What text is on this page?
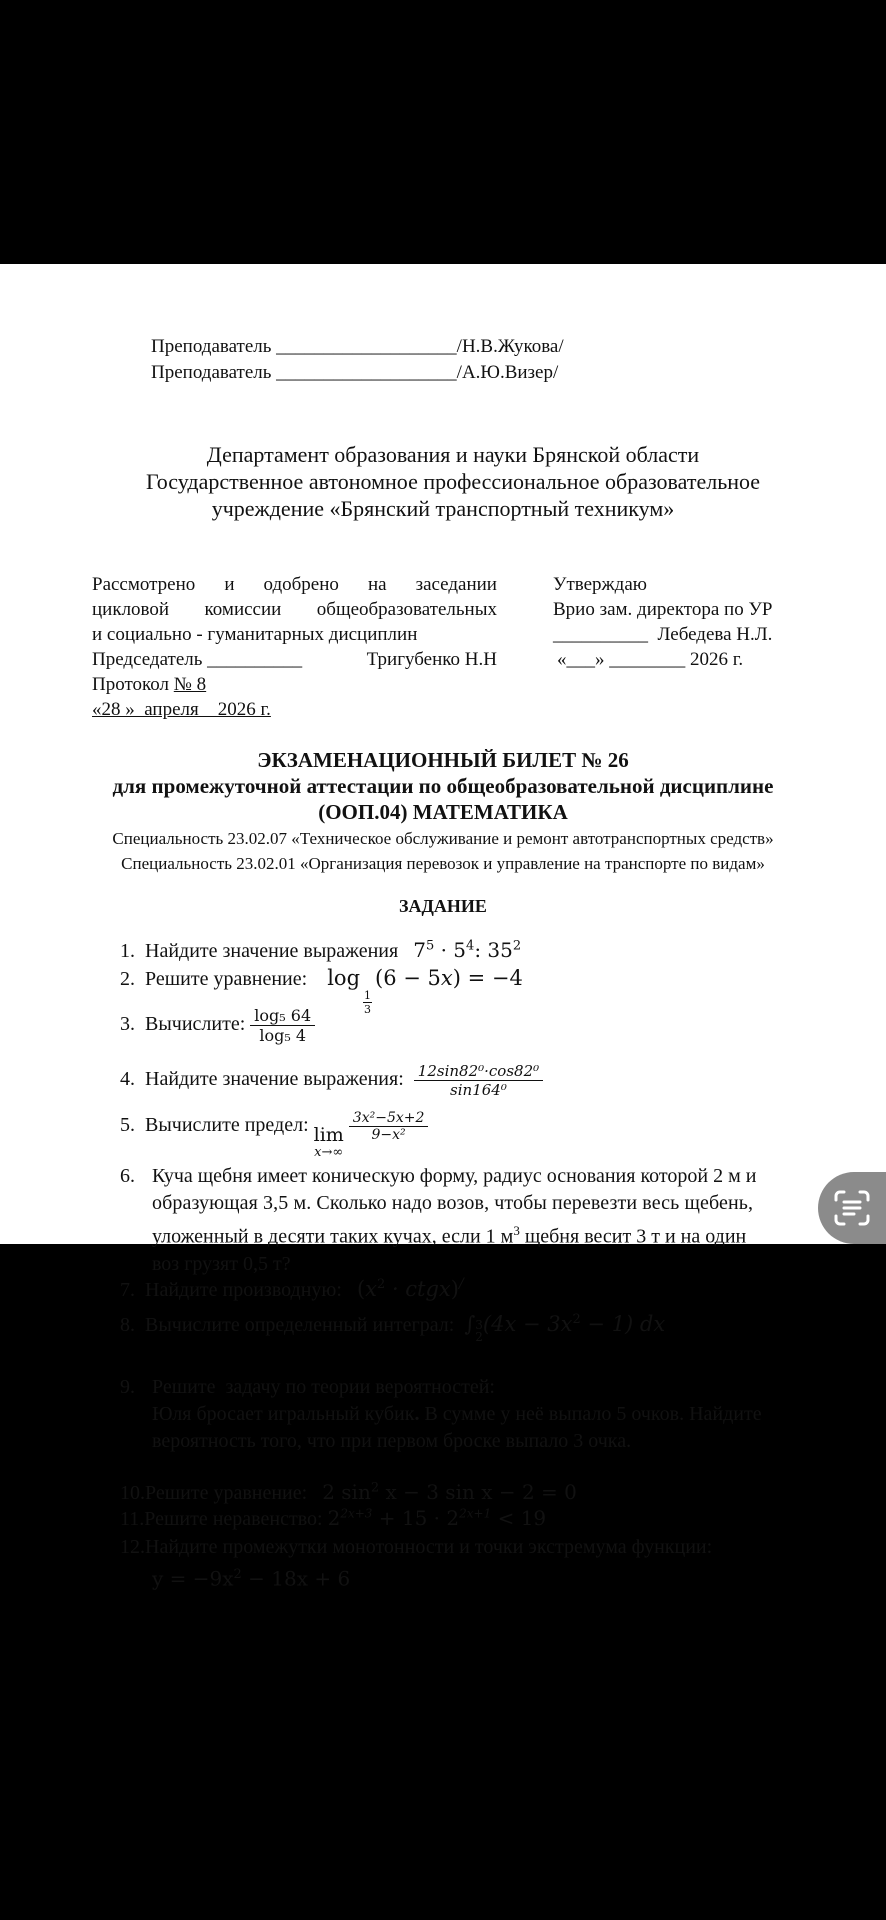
Преподаватель ___________________/Н.В.Жукова/
Преподаватель ___________________/А.Ю.Визер/
Департамент образования и науки Брянской области
Государственное автономное профессиональное образовательное
учреждение «Брянский транспортный техникум»
Рассмотрено и одобрено на заседании
цикловой комиссии общеобразовательных
и социально - гуманитарных дисциплин
Председатель __________	Тригубенко Н.Н
Протокол № 8
«28 »  апреля    2026 г.
Утверждаю
Врио зам. директора по УР
__________  Лебедева Н.Л.
«___» ________ 2026 г.
ЭКЗАМЕНАЦИОННЫЙ БИЛЕТ № 26
для промежуточной аттестации по общеобразовательной дисциплине
(ООП.04) МАТЕМАТИКА
Специальность 23.02.07 «Техническое обслуживание и ремонт автотранспортных средств»
Специальность 23.02.01 «Организация перевозок и управление на транспорте по видам»
ЗАДАНИЕ
1. Найдите значение выражения $7^5 \cdot 5^4$: $35^2$
2. Решите уравнение: log
$\frac{1}{3}$
(6 − 5x) = −4
3. Вычислите: $\frac{\text{log₅ 64}}{\text{log₅ 4}}$
4. Найдите значение выражения: $\frac{\text{12sin82⁰·cos82⁰}}{\text{sin164⁰}}$
5. Вычислите предел: lim
x→∞

$\frac{\text{3x²−5x+2}}{\text{9−x²}}$
6. Куча щебня имеет коническую форму, радиус основания которой 2 м и
образующая 3,5 м. Сколько надо возов, чтобы перевезти весь щебень,
уложенный в десяти таких кучах, если 1 $м^3$ щебня весит 3 т и на один
воз грузят 0,5 т?
7. Найдите производную: ($x^2$ · ctgx)/
8. Вычислите определенный интеграл: ∫ 3
2
$(4x - 3x^2 - 1)$ dx
9. Решите  задачу по теории вероятностей:
Юля бросает игральный кубик. В сумме у неё выпало 5 очков. Найдите
вероятность того, что при первом броске выпало 3 очка.
10.Решите уравнение: 2 $\sin^2 x - 3$ sin x − 2 = 0
11.Решите неравенство: $2^{2x+3} + 15 \cdot 2^{2x+1} < 19$
12.Найдите промежутки монотонности и точки экстремума функции:
$y = -9x^2 - 18x + 6$
